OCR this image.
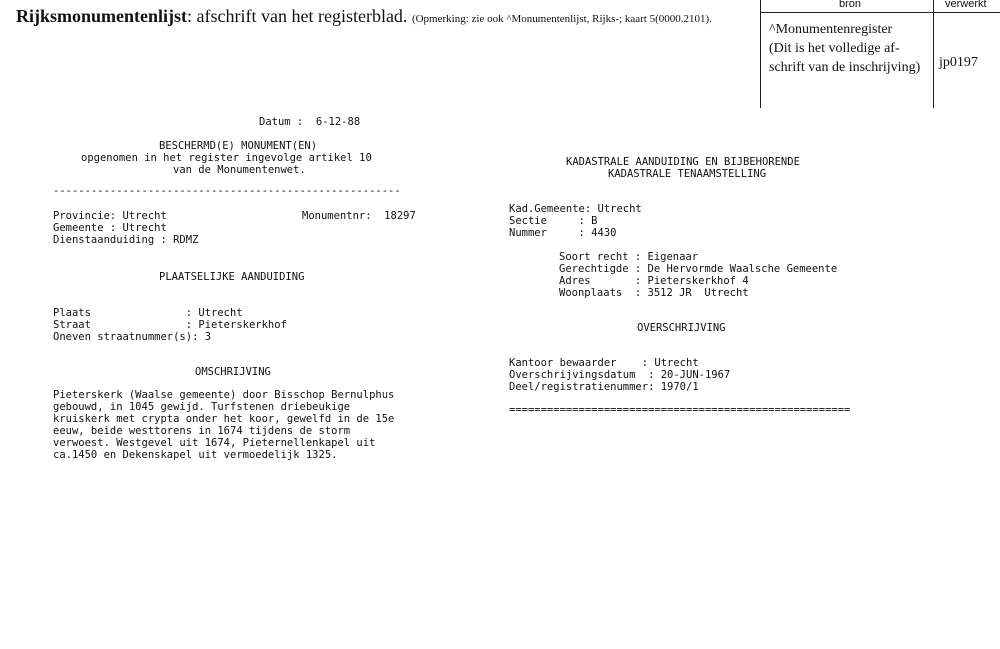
Rijksmonumentenlijst: afschrift van het registerblad. (Opmerking: zie ook ^Monumentenlijst, Rijks-; kaart 5(0000.2101).
bron	verwerkt
^Monumentenregister
(Dit is het volledige af-
schrift van de inschrijving)	jp0197
Datum :  6-12-88
BESCHERMD(E) MONUMENT(EN)
opgenomen in het register ingevolge artikel 10
van de Monumentenwet.
-------------------------------------------------------
Provincie: Utrecht	Monumentnr:  18297
Gemeente : Utrecht
Dienstaanduiding : RDMZ
PLAATSELIJKE AANDUIDING
Plaats               : Utrecht
Straat               : Pieterskerkhof
Oneven straatnummer(s): 3
OMSCHRIJVING
Pieterskerk (Waalse gemeente) door Bisschop Bernulphus
gebouwd, in 1045 gewijd. Turfstenen driebeukige
kruiskerk met crypta onder het koor, gewelfd in de 15e
eeuw, beide westtorens in 1674 tijdens de storm
verwoest. Westgevel uit 1674, Pieternellenkapel uit
ca.1450 en Dekenskapel uit vermoedelijk 1325.
KADASTRALE AANDUIDING EN BIJBEHORENDE
KADASTRALE TENAAMSTELLING
Kad.Gemeente: Utrecht
Sectie     : B
Nummer     : 4430
Soort recht : Eigenaar
Gerechtigde : De Hervormde Waalsche Gemeente
Adres       : Pieterskerkhof 4
Woonplaats  : 3512 JR  Utrecht
OVERSCHRIJVING
Kantoor bewaarder    : Utrecht
Overschrijvingsdatum  : 20-JUN-1967
Deel/registratienummer: 1970/1
======================================================
